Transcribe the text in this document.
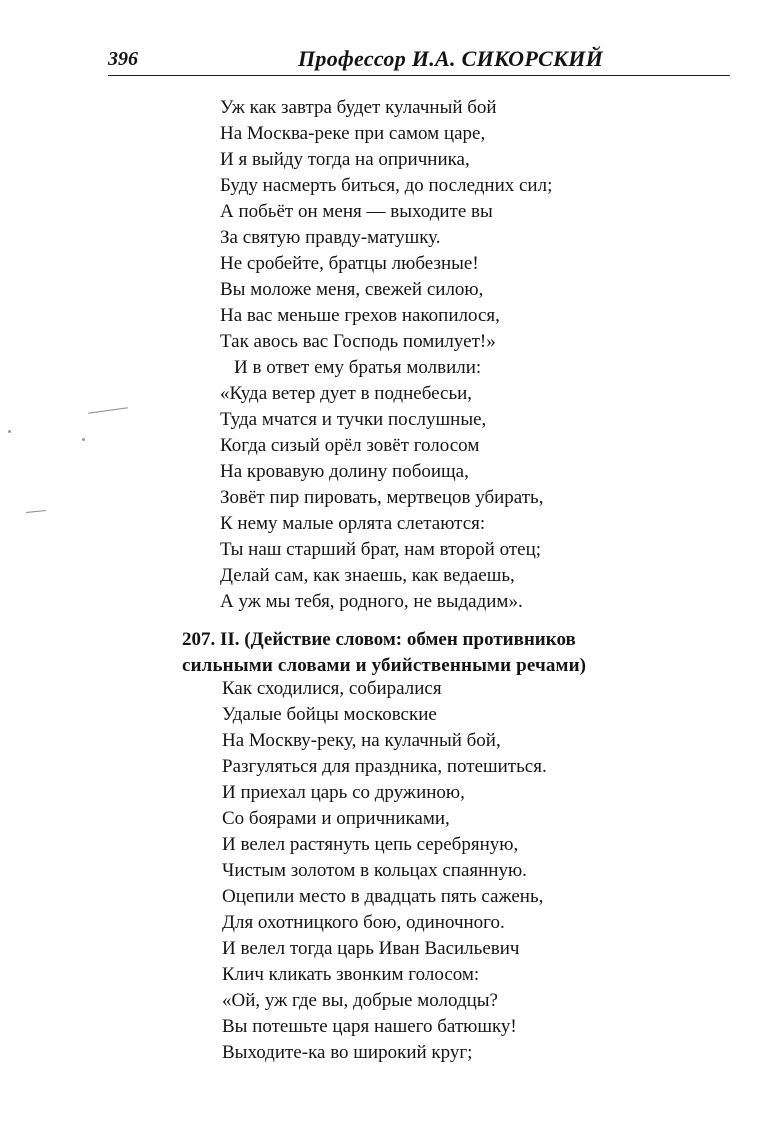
396	Профессор И.А. СИКОРСКИЙ
Уж как завтра будет кулачный бой
На Москва-реке при самом царе,
И я выйду тогда на опричника,
Буду насмерть биться, до последних сил;
А побьёт он меня — выходите вы
За святую правду-матушку.
Не сробейте, братцы любезные!
Вы моложе меня, свежей силою,
На вас меньше грехов накопилося,
Так авось вас Господь помилует!»
И в ответ ему братья молвили:
«Куда ветер дует в поднебесьи,
Туда мчатся и тучки послушные,
Когда сизый орёл зовёт голосом
На кровавую долину побоища,
Зовёт пир пировать, мертвецов убирать,
К нему малые орлята слетаются:
Ты наш старший брат, нам второй отец;
Делай сам, как знаешь, как ведаешь,
А уж мы тебя, родного, не выдадим».
207. II. (Действие словом: обмен противников
сильными словами и убийственными речами)
Как сходилися, собиралися
Удалые бойцы московские
На Москву-реку, на кулачный бой,
Разгуляться для праздника, потешиться.
И приехал царь со дружиною,
Со боярами и опричниками,
И велел растянуть цепь серебряную,
Чистым золотом в кольцах спаянную.
Оцепили место в двадцать пять сажень,
Для охотницкого бою, одиночного.
И велел тогда царь Иван Васильевич
Клич кликать звонким голосом:
«Ой, уж где вы, добрые молодцы?
Вы потешьте царя нашего батюшку!
Выходите-ка во широкий круг;
